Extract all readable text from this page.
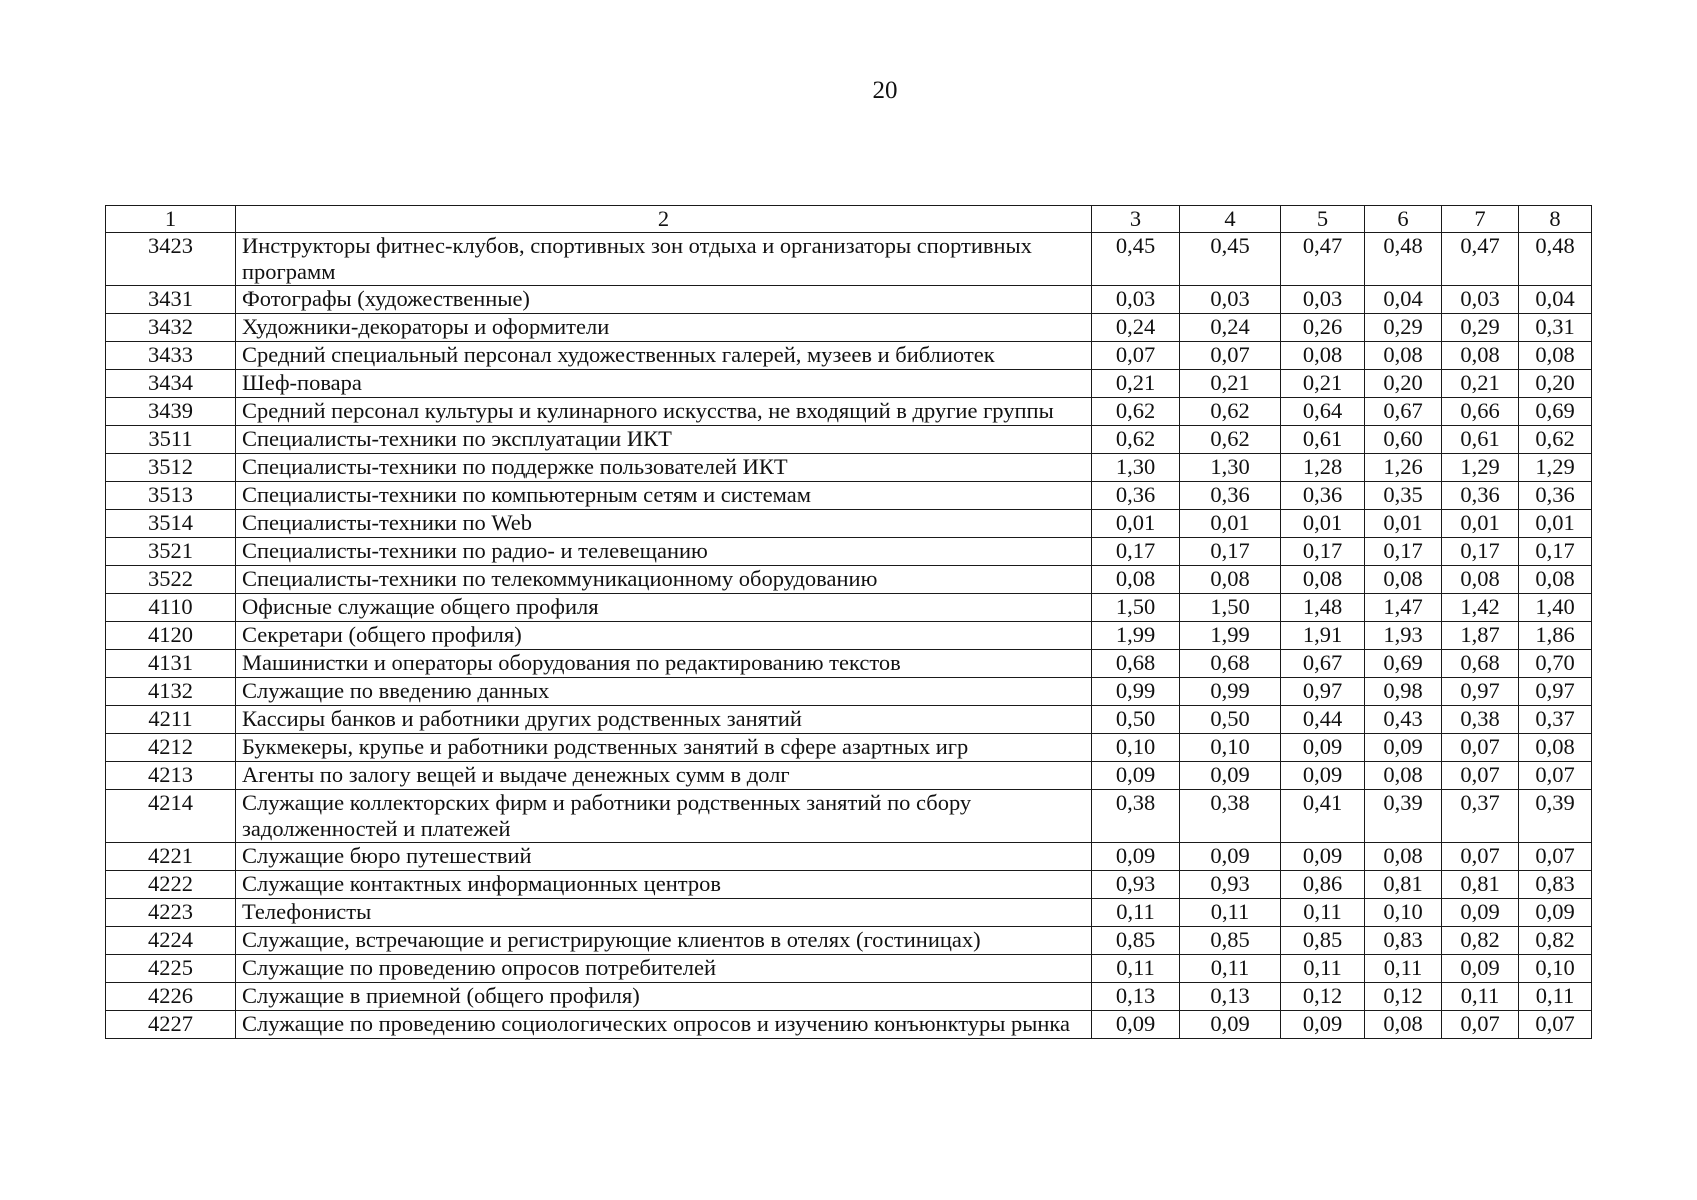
20
1	2	3	4	5	6	7	8
3423	Инструкторы фитнес-клубов, спортивных зон отдыха и организаторы спортивных программ	0,45	0,45	0,47	0,48	0,47	0,48
3431	Фотографы (художественные)	0,03	0,03	0,03	0,04	0,03	0,04
3432	Художники-декораторы и оформители	0,24	0,24	0,26	0,29	0,29	0,31
3433	Средний специальный персонал художественных галерей, музеев и библиотек	0,07	0,07	0,08	0,08	0,08	0,08
3434	Шеф-повара	0,21	0,21	0,21	0,20	0,21	0,20
3439	Средний персонал культуры и кулинарного искусства, не входящий в другие группы	0,62	0,62	0,64	0,67	0,66	0,69
3511	Специалисты-техники по эксплуатации ИКТ	0,62	0,62	0,61	0,60	0,61	0,62
3512	Специалисты-техники по поддержке пользователей ИКТ	1,30	1,30	1,28	1,26	1,29	1,29
3513	Специалисты-техники по компьютерным сетям и системам	0,36	0,36	0,36	0,35	0,36	0,36
3514	Специалисты-техники по Web	0,01	0,01	0,01	0,01	0,01	0,01
3521	Специалисты-техники по радио- и телевещанию	0,17	0,17	0,17	0,17	0,17	0,17
3522	Специалисты-техники по телекоммуникационному оборудованию	0,08	0,08	0,08	0,08	0,08	0,08
4110	Офисные служащие общего профиля	1,50	1,50	1,48	1,47	1,42	1,40
4120	Секретари (общего профиля)	1,99	1,99	1,91	1,93	1,87	1,86
4131	Машинистки и операторы оборудования по редактированию текстов	0,68	0,68	0,67	0,69	0,68	0,70
4132	Служащие по введению данных	0,99	0,99	0,97	0,98	0,97	0,97
4211	Кассиры банков и работники других родственных занятий	0,50	0,50	0,44	0,43	0,38	0,37
4212	Букмекеры, крупье и работники родственных занятий в сфере азартных игр	0,10	0,10	0,09	0,09	0,07	0,08
4213	Агенты по залогу вещей и выдаче денежных сумм в долг	0,09	0,09	0,09	0,08	0,07	0,07
4214	Служащие коллекторских фирм и работники родственных занятий по сбору задолженностей и платежей	0,38	0,38	0,41	0,39	0,37	0,39
4221	Служащие бюро путешествий	0,09	0,09	0,09	0,08	0,07	0,07
4222	Служащие контактных информационных центров	0,93	0,93	0,86	0,81	0,81	0,83
4223	Телефонисты	0,11	0,11	0,11	0,10	0,09	0,09
4224	Служащие, встречающие и регистрирующие клиентов в отелях (гостиницах)	0,85	0,85	0,85	0,83	0,82	0,82
4225	Служащие по проведению опросов потребителей	0,11	0,11	0,11	0,11	0,09	0,10
4226	Служащие в приемной (общего профиля)	0,13	0,13	0,12	0,12	0,11	0,11
4227	Служащие по проведению социологических опросов и изучению конъюнктуры рынка	0,09	0,09	0,09	0,08	0,07	0,07
